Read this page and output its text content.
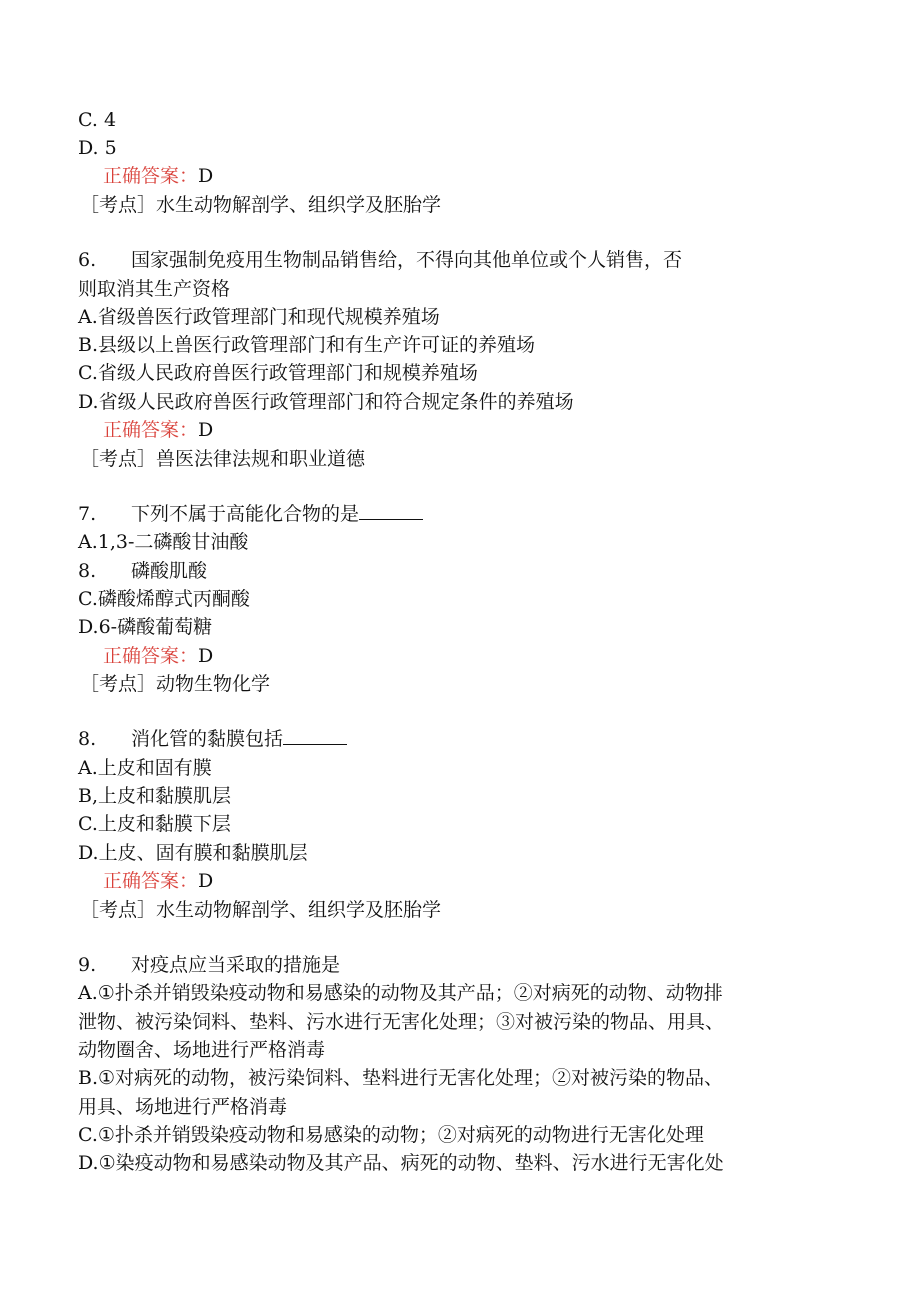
C. 4
D. 5
正确答案：D
［考点］水生动物解剖学、组织学及胚胎学
6. 国家强制免疫用生物制品销售给，不得向其他单位或个人销售，否
则取消其生产资格
A.省级兽医行政管理部门和现代规模养殖场
B.县级以上兽医行政管理部门和有生产许可证的养殖场
C.省级人民政府兽医行政管理部门和规模养殖场
D.省级人民政府兽医行政管理部门和符合规定条件的养殖场
正确答案：D
［考点］兽医法律法规和职业道德
7. 下列不属于高能化合物的是
A.1,3-二磷酸甘油酸
8. 磷酸肌酸
C.磷酸烯醇式丙酮酸
D.6-磷酸葡萄糖
正确答案：D
［考点］动物生物化学
8. 消化管的黏膜包括
A.上皮和固有膜
B,上皮和黏膜肌层
C.上皮和黏膜下层
D.上皮、固有膜和黏膜肌层
正确答案：D
［考点］水生动物解剖学、组织学及胚胎学
9. 对疫点应当采取的措施是
A.①扑杀并销毁染疫动物和易感染的动物及其产品；②对病死的动物、动物排
泄物、被污染饲料、垫料、污水进行无害化处理；③对被污染的物品、用具、
动物圈舍、场地进行严格消毒
B.①对病死的动物，被污染饲料、垫料进行无害化处理；②对被污染的物品、
用具、场地进行严格消毒
C.①扑杀并销毁染疫动物和易感染的动物；②对病死的动物进行无害化处理
D.①染疫动物和易感染动物及其产品、病死的动物、垫料、污水进行无害化处
